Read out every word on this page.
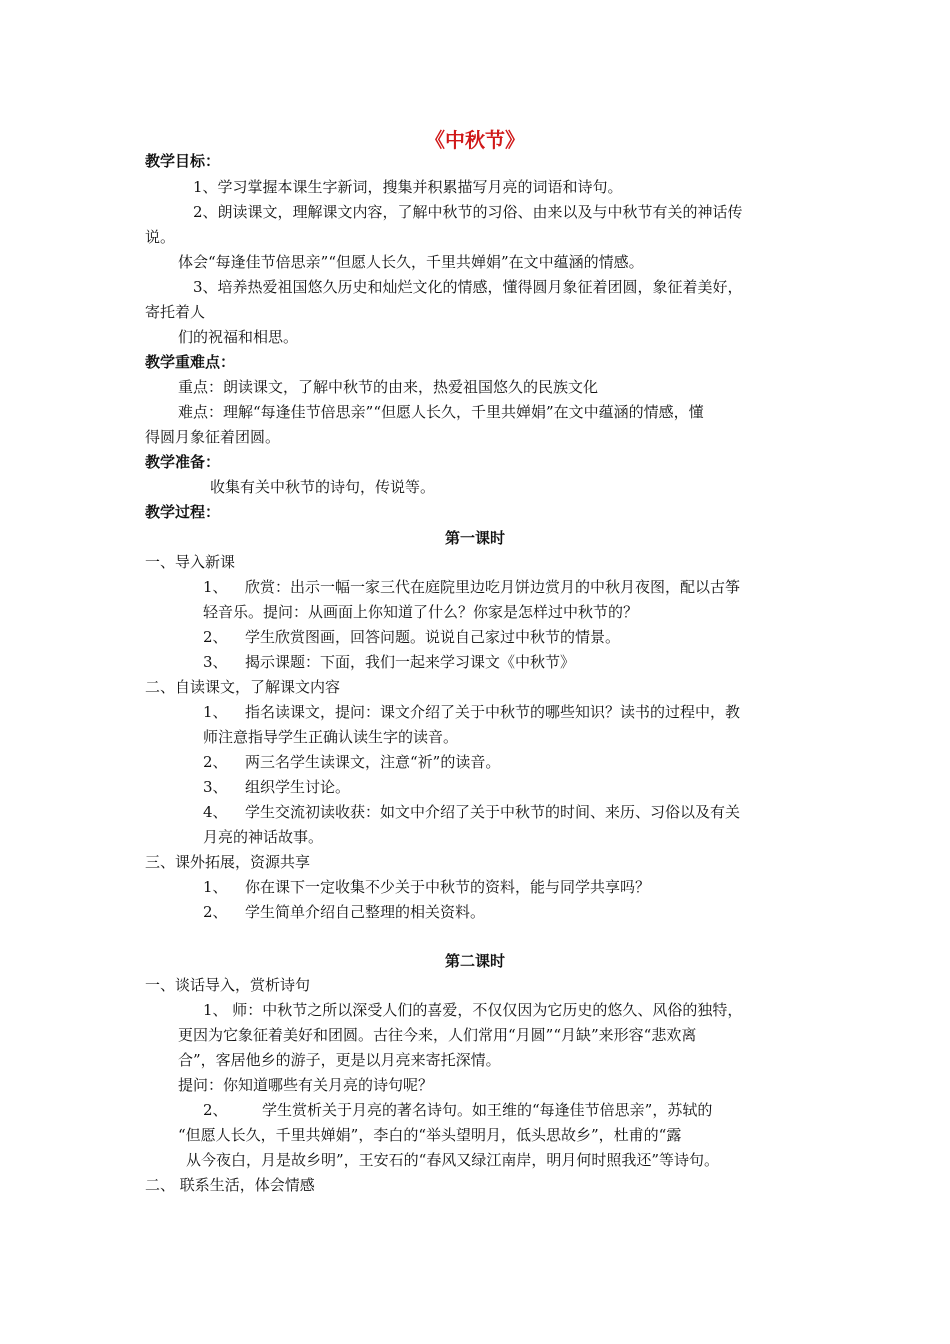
《中秋节》
教学目标：
1、学习掌握本课生字新词，搜集并积累描写月亮的词语和诗句。
2、朗读课文，理解课文内容，了解中秋节的习俗、由来以及与中秋节有关的神话传
说。
体会“每逢佳节倍思亲”“但愿人长久，千里共婵娟”在文中蕴涵的情感。
3、培养热爱祖国悠久历史和灿烂文化的情感，懂得圆月象征着团圆，象征着美好，
寄托着人
们的祝福和相思。
教学重难点：
重点：朗读课文，了解中秋节的由来，热爱祖国悠久的民族文化
难点：理解“每逢佳节倍思亲”“但愿人长久，千里共婵娟”在文中蕴涵的情感，懂
得圆月象征着团圆。
教学准备：
收集有关中秋节的诗句，传说等。
教学过程：
第一课时
一、导入新课
1、 欣赏：出示一幅一家三代在庭院里边吃月饼边赏月的中秋月夜图，配以古筝
轻音乐。提问：从画面上你知道了什么？你家是怎样过中秋节的？
2、 学生欣赏图画，回答问题。说说自己家过中秋节的情景。
3、 揭示课题：下面，我们一起来学习课文《中秋节》
二、自读课文，了解课文内容
1、 指名读课文，提问：课文介绍了关于中秋节的哪些知识？读书的过程中，教
师注意指导学生正确认读生字的读音。
2、 两三名学生读课文，注意“祈”的读音。
3、 组织学生讨论。
4、 学生交流初读收获：如文中介绍了关于中秋节的时间、来历、习俗以及有关
月亮的神话故事。
三、课外拓展，资源共享
1、 你在课下一定收集不少关于中秋节的资料，能与同学共享吗？
2、 学生简单介绍自己整理的相关资料。
第二课时
一、谈话导入，赏析诗句
1、 师：中秋节之所以深受人们的喜爱，不仅仅因为它历史的悠久、风俗的独特，
更因为它象征着美好和团圆。古往今来，人们常用“月圆”“月缺”来形容“悲欢离
合”，客居他乡的游子，更是以月亮来寄托深情。
提问：你知道哪些有关月亮的诗句呢？
2、 学生赏析关于月亮的著名诗句。如王维的“每逢佳节倍思亲”，苏轼的
“但愿人长久，千里共婵娟”，李白的“举头望明月，低头思故乡”，杜甫的“露
从今夜白，月是故乡明”，王安石的“春风又绿江南岸，明月何时照我还”等诗句。
二、 联系生活，体会情感
